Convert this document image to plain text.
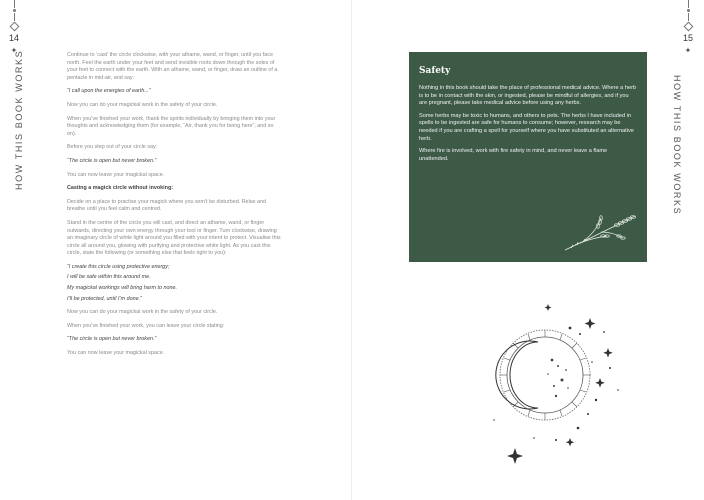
14
✦
HOW THIS BOOK WORKS	Continue to ‘cast’ the circle clockwise, with your athame, wand, or finger, until you face north. Feel the earth under your feet and send invisible roots down through the soles of your feet to connect with the earth. With an athame, wand, or finger, draw an outline of a pentacle in mid-air, and say:

“I call upon the energies of earth...”

Now you can do your magickal work in the safety of your circle.

When you’ve finished your work, thank the spirits individually by bringing them into your thoughts and acknowledging them (for example, “Air, thank you for being here”, and so on).

Before you step out of your circle say:

“The circle is open but never broken.”

You can now leave your magickal space.

Casting a magick circle without invoking:

Decide on a place to practise your magick where you won’t be disturbed. Relax and breathe until you feel calm and centred.

Stand in the centre of the circle you will cast, and direct an athame, wand, or finger outwards, directing your own energy through your tool or finger. Turn clockwise, drawing an imaginary circle of white light around you filled with your intent to protect. Visualise this circle all around you, glowing with purifying and protective white light. As you cast this circle, state the following (or something else that feels right to you):

“I create this circle using protective energy;

I will be safe within this around me.

My magickal workings will bring harm to none.

I’ll be protected, until I’m done.”

Now you can do your magickal work in the safety of your circle.

When you’ve finished your work, you can leave your circle stating:

“The circle is open but never broken.”

You can now leave your magickal space.

15
✦
HOW THIS BOOK WORKS
Safety

Nothing in this book should take the place of professional medical advice. Where a herb is to be in contact with the skin, or ingested, please be mindful of allergies, and if you are pregnant, please take medical advice before using any herbs.

Some herbs may be toxic to humans, and others to pets. The herbs I have included in spells to be ingested are safe for humans to consume; however, research may be needed if you are crafting a spell for yourself where you have substituted an alternative herb.

Where fire is involved, work with fire safety in mind, and never leave a flame unattended.
